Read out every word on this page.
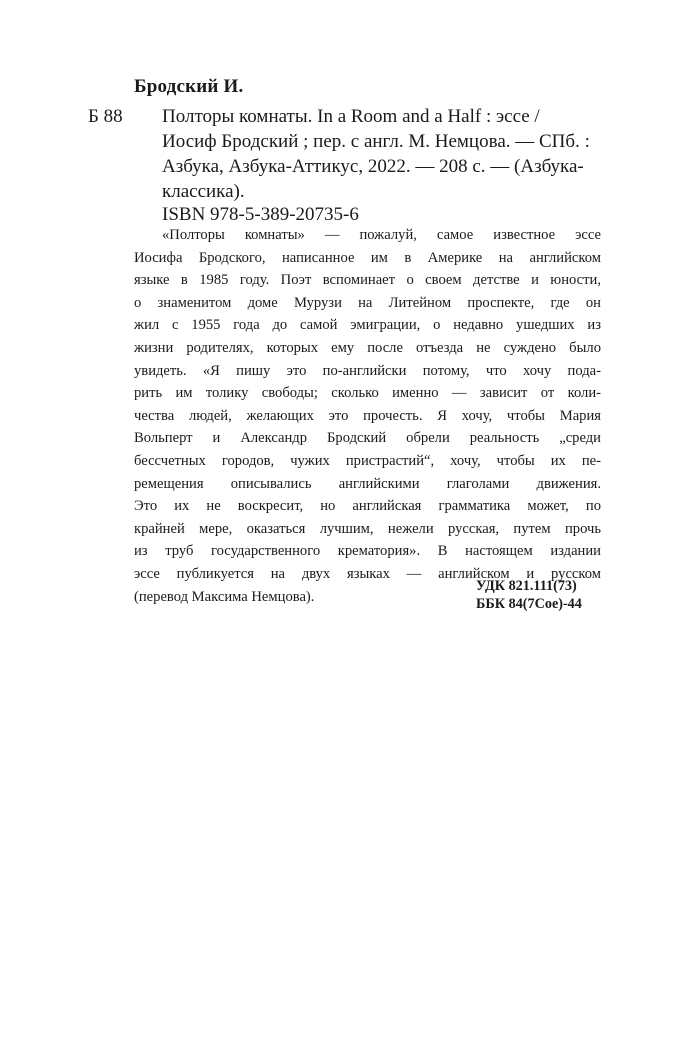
Бродский И.
Б 88 Полторы комнаты. In a Room and a Half : эссе /
Иосиф Бродский ; пер. с англ. М. Немцова. — СПб. :
Азбука, Азбука-Аттикус, 2022. — 208 с. — (Азбука-
классика).
ISBN 978-5-389-20735-6
«Полторы комнаты» — пожалуй, самое известное эссе
Иосифа Бродского, написанное им в Америке на английском
языке в 1985 году. Поэт вспоминает о своем детстве и юности,
о знаменитом доме Мурузи на Литейном проспекте, где он
жил с 1955 года до самой эмиграции, о недавно ушедших из
жизни родителях, которых ему после отъезда не суждено было
увидеть. «Я пишу это по-английски потому, что хочу пода-
рить им толику свободы; сколько именно — зависит от коли-
чества людей, желающих это прочесть. Я хочу, чтобы Мария
Вольперт и Александр Бродский обрели реальность „среди
бессчетных городов, чужих пристрастий“, хочу, чтобы их пе-
ремещения описывались английскими глаголами движения.
Это их не воскресит, но английская грамматика может, по
крайней мере, оказаться лучшим, нежели русская, путем прочь
из труб государственного крематория». В настоящем издании
эссе публикуется на двух языках — английском и русском
(перевод Максима Немцова).
УДК 821.111(73)
ББК 84(7Сое)-44
